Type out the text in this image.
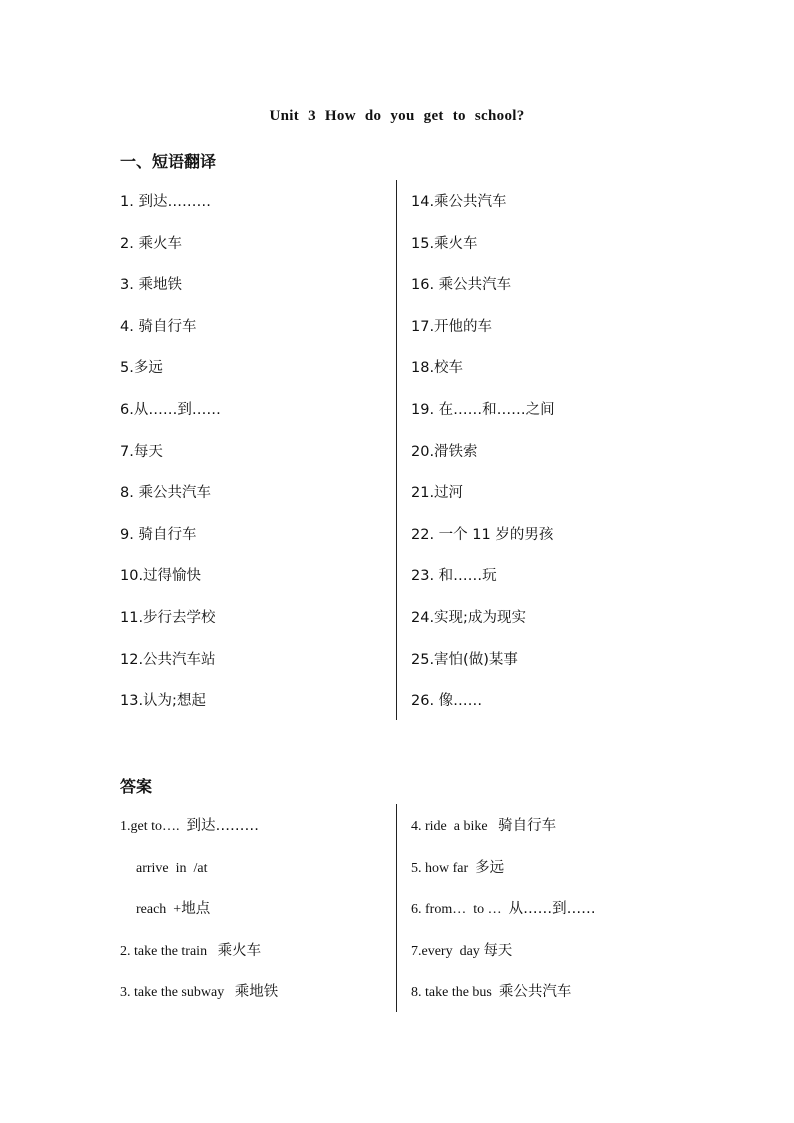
Unit 3 How do you get to school?
一、短语翻译
1. 到达………
2. 乘火车
3. 乘地铁
4. 骑自行车
5.多远
6.从……到……
7.每天
8. 乘公共汽车
9. 骑自行车
10.过得愉快
11.步行去学校
12.公共汽车站
13.认为;想起
14.乘公共汽车
15.乘火车
16. 乘公共汽车
17.开他的车
18.校车
19. 在……和……之间
20.滑铁索
21.过河
22. 一个 11 岁的男孩
23. 和……玩
24.实现;成为现实
25.害怕(做)某事
26. 像……
答案
1.get to….  到达………
arrive  in  /at
reach  +地点
2. take the train   乘火车
3. take the subway   乘地铁
4. ride  a bike   骑自行车
5. how far  多远
6. from…  to …  从……到……
7.every  day 每天
8. take the bus  乘公共汽车
